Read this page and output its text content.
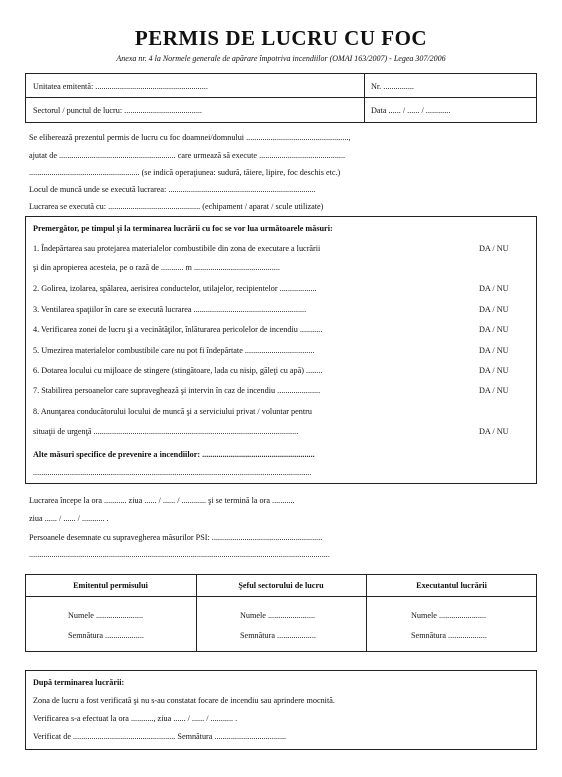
PERMIS DE LUCRU CU FOC
Anexa nr. 4 la Normele generale de apărare împotriva incendiilor (OMAI 163/2007) - Legea 307/2006
Unitatea emitentă: .......................................................	Nr. ...............
Sectorul / punctul de lucru: ......................................	Data ...... / ...... / ............
Se eliberează prezentul permis de lucru cu foc doamnei/domnului ..................................................,
ajutat de ......................................................... care urmează să execute ..........................................
...................................................... (se indică operaţiunea: sudură, tăiere, lipire, foc deschis etc.)
Locul de muncă unde se execută lucrarea: ........................................................................
Lucrarea se execută cu: ............................................. (echipament / aparat / scule utilizate)
Premergător, pe timpul şi la terminarea lucrării cu foc se vor lua următoarele măsuri:
1. Îndepărtarea sau protejarea materialelor combustibile din zona de executare a lucrării	DA / NU
şi din apropierea acesteia, pe o rază de ........... m ..........................................
2. Golirea, izolarea, spălarea, aerisirea conductelor, utilajelor, recipientelor ..................	DA / NU
3. Ventilarea spaţiilor în care se execută lucrarea .......................................................	DA / NU
4. Verificarea zonei de lucru şi a vecinătăţilor, înlăturarea pericolelor de incendiu ...........	DA / NU
5. Umezirea materialelor combustibile care nu pot fi îndepărtate ..................................	DA / NU
6. Dotarea locului cu mijloace de stingere (stingătoare, lada cu nisip, găleţi cu apă) ........	DA / NU
7. Stabilirea persoanelor care supraveghează şi intervin în caz de incendiu .....................	DA / NU
8. Anunţarea conducătorului locului de muncă şi a serviciului privat / voluntar pentru
situaţii de urgenţă ....................................................................................................	DA / NU
Alte măsuri specifice de prevenire a incendiilor: .......................................................
........................................................................................................................................
Lucrarea începe la ora ........... ziua ...... / ...... / ............ şi se termină la ora ...........
ziua ...... / ...... / ........... .
Persoanele desemnate cu supravegherea măsurilor PSI: ......................................................
...................................................................................................................................................
Emitentul permisului	Şeful sectorului de lucru	Executantul lucrării
Numele .......................
Semnătura ...................
Numele .......................
Semnătura ...................
Numele .......................
Semnătura ...................
După terminarea lucrării:
Zona de lucru a fost verificată şi nu s-au constatat focare de incendiu sau aprindere mocnită.
Verificarea s-a efectuat la ora ..........., ziua ...... / ...... / ........... .
Verificat de .................................................. Semnătura ...................................
